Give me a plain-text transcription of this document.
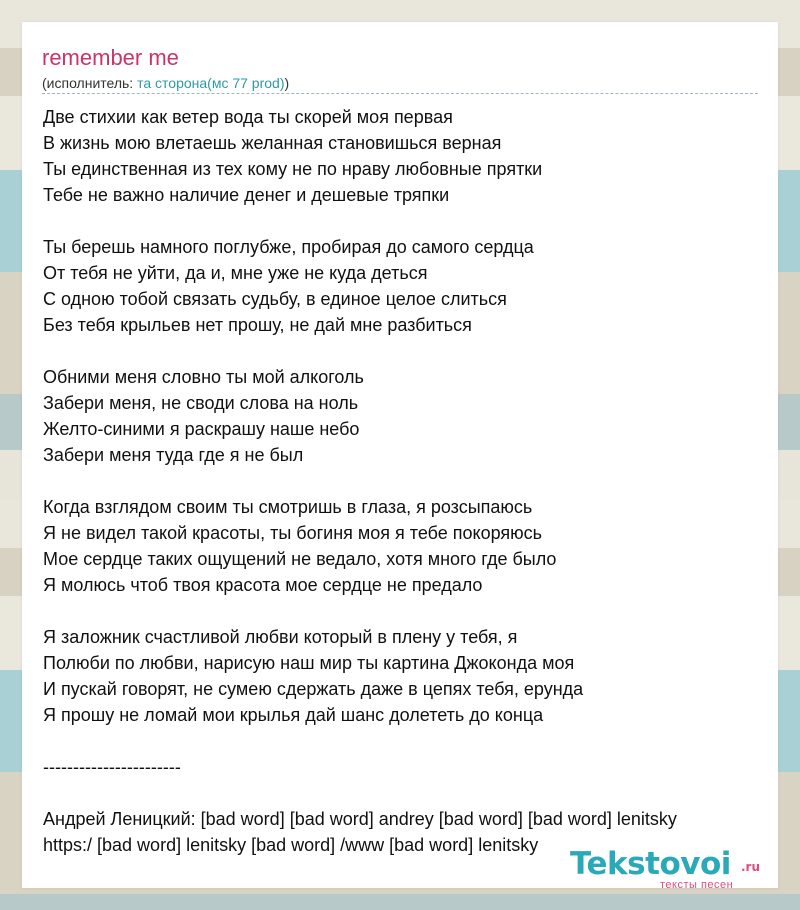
remember me
(исполнитель: та сторона(мс 77 prod))
Две стихии как ветер вода ты скорей моя первая
В жизнь мою влетаешь желанная становишься верная
Ты единственная из тех кому не по нраву любовные прятки
Тебе не важно наличие денег и дешевые тряпки
Ты берешь намного поглубже, пробирая до самого сердца
От тебя не уйти, да и, мне уже не куда деться
С одною тобой связать судьбу, в единое целое слиться
Без тебя крыльев нет прошу, не дай мне разбиться
Обними меня словно ты мой алкоголь
Забери меня, не своди слова на ноль
Желто-синими я раскрашу наше небо
Забери меня туда где я не был
Когда взглядом своим ты смотришь в глаза, я розсыпаюсь
Я не видел такой красоты, ты богиня моя я тебе покоряюсь
Мое сердце таких ощущений не ведало, хотя много где было
Я молюсь чтоб твоя красота мое сердце не предало
Я заложник счастливой любви который в плену у тебя, я
Полюби по любви, нарисую наш мир ты картина Джоконда моя
И пускай говорят, не сумею сдержать даже в цепях тебя, ерунда
Я прошу не ломай мои крылья дай шанс долететь до конца
-----------------------
Андрей Леницкий: [bad word] [bad word] andrey [bad word] [bad word] lenitsky
https:/ [bad word] lenitsky [bad word] /www [bad word] lenitsky
Tekstovoi .ru
тексты песен
